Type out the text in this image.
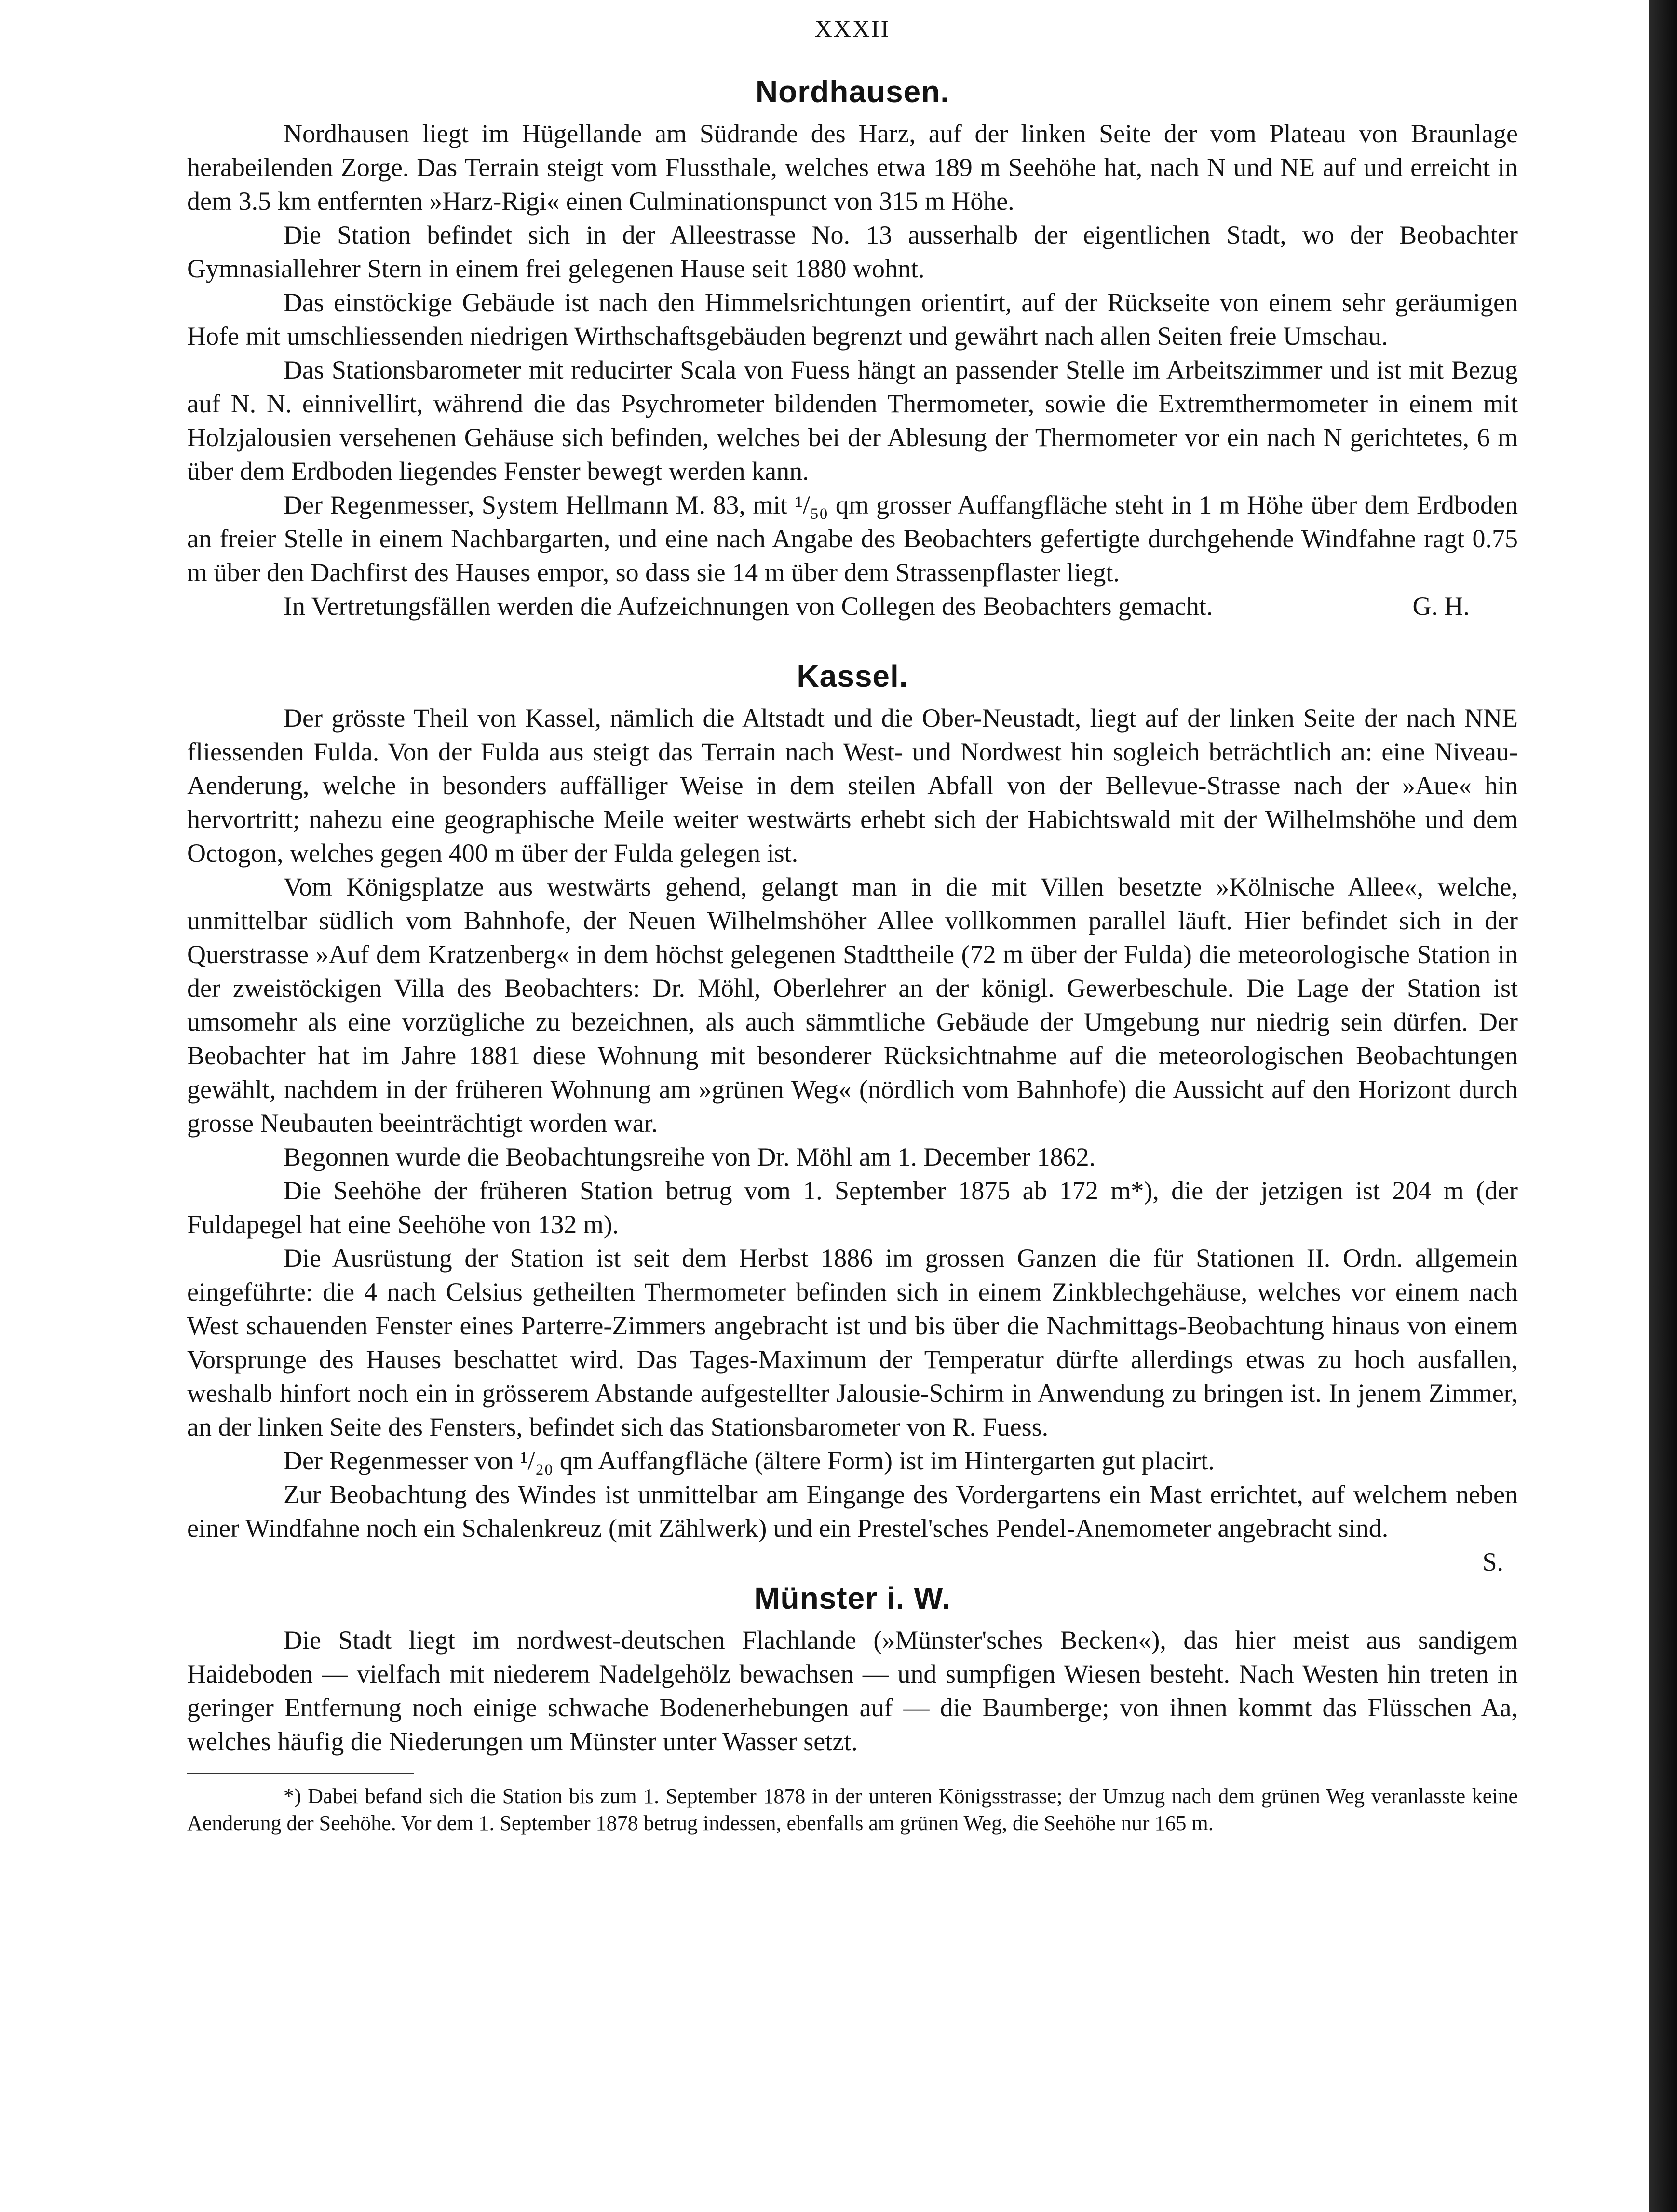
XXXII
Nordhausen.

Nordhausen liegt im Hügellande am Südrande des Harz, auf der linken Seite der vom Plateau von Braunlage herabeilenden Zorge. Das Terrain steigt vom Flussthale, welches etwa 189 m Seehöhe hat, nach N und NE auf und erreicht in dem 3.5 km entfernten »Harz-Rigi« einen Culminationspunct von 315 m Höhe.

Die Station befindet sich in der Alleestrasse No. 13 ausserhalb der eigentlichen Stadt, wo der Beobachter Gymnasiallehrer Stern in einem frei gelegenen Hause seit 1880 wohnt.

Das einstöckige Gebäude ist nach den Himmelsrichtungen orientirt, auf der Rückseite von einem sehr geräumigen Hofe mit umschliessenden niedrigen Wirthschaftsgebäuden begrenzt und gewährt nach allen Seiten freie Umschau.

Das Stationsbarometer mit reducirter Scala von Fuess hängt an passender Stelle im Arbeitszimmer und ist mit Bezug auf N. N. einnivellirt, während die das Psychrometer bildenden Thermometer, sowie die Extremthermometer in einem mit Holzjalousien versehenen Gehäuse sich befinden, welches bei der Ablesung der Thermometer vor ein nach N gerichtetes, 6 m über dem Erdboden liegendes Fenster bewegt werden kann.

Der Regenmesser, System Hellmann M. 83, mit ¹/₅₀ qm grosser Auffangfläche steht in 1 m Höhe über dem Erdboden an freier Stelle in einem Nachbargarten, und eine nach Angabe des Beobachters gefertigte durchgehende Windfahne ragt 0.75 m über den Dachfirst des Hauses empor, so dass sie 14 m über dem Strassenpflaster liegt.

In Vertretungsfällen werden die Aufzeichnungen von Collegen des Beobachters gemacht.	G. H.

Kassel.

Der grösste Theil von Kassel, nämlich die Altstadt und die Ober-Neustadt, liegt auf der linken Seite der nach NNE fliessenden Fulda. Von der Fulda aus steigt das Terrain nach West- und Nordwest hin sogleich beträchtlich an: eine Niveau-Aenderung, welche in besonders auffälliger Weise in dem steilen Abfall von der Bellevue-Strasse nach der »Aue« hin hervortritt; nahezu eine geographische Meile weiter westwärts erhebt sich der Habichtswald mit der Wilhelmshöhe und dem Octogon, welches gegen 400 m über der Fulda gelegen ist.

Vom Königsplatze aus westwärts gehend, gelangt man in die mit Villen besetzte »Kölnische Allee«, welche, unmittelbar südlich vom Bahnhofe, der Neuen Wilhelmshöher Allee vollkommen parallel läuft. Hier befindet sich in der Querstrasse »Auf dem Kratzenberg« in dem höchst gelegenen Stadttheile (72 m über der Fulda) die meteorologische Station in der zweistöckigen Villa des Beobachters: Dr. Möhl, Oberlehrer an der königl. Gewerbeschule. Die Lage der Station ist umsomehr als eine vorzügliche zu bezeichnen, als auch sämmtliche Gebäude der Umgebung nur niedrig sein dürfen. Der Beobachter hat im Jahre 1881 diese Wohnung mit besonderer Rücksichtnahme auf die meteorologischen Beobachtungen gewählt, nachdem in der früheren Wohnung am »grünen Weg« (nördlich vom Bahnhofe) die Aussicht auf den Horizont durch grosse Neubauten beeinträchtigt worden war.

Begonnen wurde die Beobachtungsreihe von Dr. Möhl am 1. December 1862.

Die Seehöhe der früheren Station betrug vom 1. September 1875 ab 172 m*), die der jetzigen ist 204 m (der Fuldapegel hat eine Seehöhe von 132 m).

Die Ausrüstung der Station ist seit dem Herbst 1886 im grossen Ganzen die für Stationen II. Ordn. allgemein eingeführte: die 4 nach Celsius getheilten Thermometer befinden sich in einem Zinkblechgehäuse, welches vor einem nach West schauenden Fenster eines Parterre-Zimmers angebracht ist und bis über die Nachmittags-Beobachtung hinaus von einem Vorsprunge des Hauses beschattet wird. Das Tages-Maximum der Temperatur dürfte allerdings etwas zu hoch ausfallen, weshalb hinfort noch ein in grösserem Abstande aufgestellter Jalousie-Schirm in Anwendung zu bringen ist. In jenem Zimmer, an der linken Seite des Fensters, befindet sich das Stationsbarometer von R. Fuess.

Der Regenmesser von ¹/₂₀ qm Auffangfläche (ältere Form) ist im Hintergarten gut placirt.

Zur Beobachtung des Windes ist unmittelbar am Eingange des Vordergartens ein Mast errichtet, auf welchem neben einer Windfahne noch ein Schalenkreuz (mit Zählwerk) und ein Prestel'sches Pendel-Anemometer angebracht sind.
S.

Münster i. W.

Die Stadt liegt im nordwest-deutschen Flachlande (»Münster'sches Becken«), das hier meist aus sandigem Haideboden — vielfach mit niederem Nadelgehölz bewachsen — und sumpfigen Wiesen besteht. Nach Westen hin treten in geringer Entfernung noch einige schwache Bodenerhebungen auf — die Baumberge; von ihnen kommt das Flüsschen Aa, welches häufig die Niederungen um Münster unter Wasser setzt.

*) Dabei befand sich die Station bis zum 1. September 1878 in der unteren Königsstrasse; der Umzug nach dem grünen Weg veranlasste keine Aenderung der Seehöhe. Vor dem 1. September 1878 betrug indessen, ebenfalls am grünen Weg, die Seehöhe nur 165 m.
